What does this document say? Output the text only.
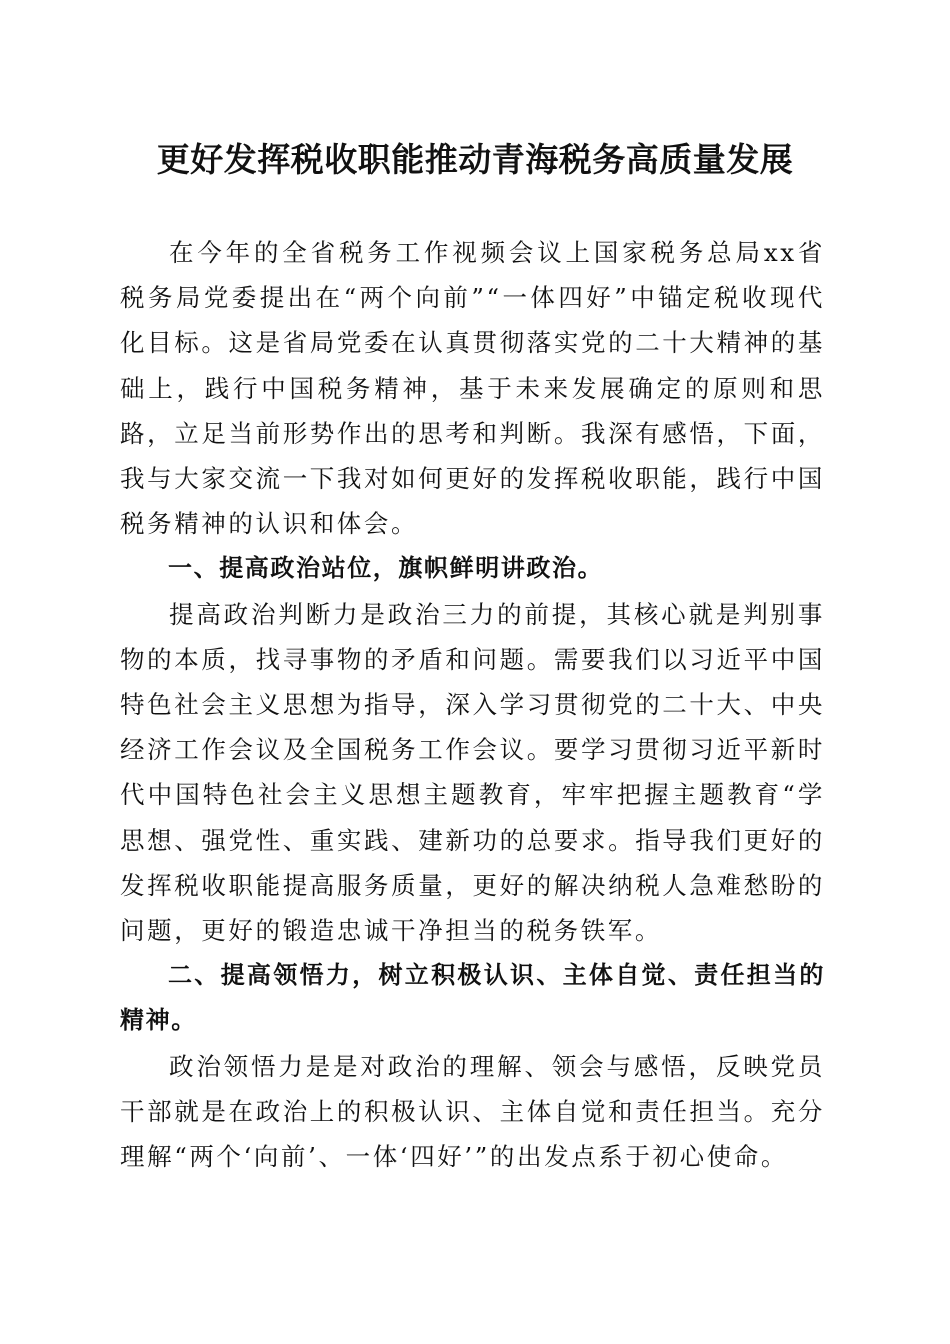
更好发挥税收职能推动青海税务高质量发展

在今年的全省税务工作视频会议上国家税务总局xx省税务局党委提出在“两个向前”“一体四好”中锚定税收现代化目标。这是省局党委在认真贯彻落实党的二十大精神的基础上，践行中国税务精神，基于未来发展确定的原则和思路，立足当前形势作出的思考和判断。我深有感悟，下面，我与大家交流一下我对如何更好的发挥税收职能，践行中国税务精神的认识和体会。

一、提高政治站位，旗帜鲜明讲政治。

提高政治判断力是政治三力的前提，其核心就是判别事物的本质，找寻事物的矛盾和问题。需要我们以习近平中国特色社会主义思想为指导，深入学习贯彻党的二十大、中央经济工作会议及全国税务工作会议。要学习贯彻习近平新时代中国特色社会主义思想主题教育，牢牢把握主题教育“学思想、强党性、重实践、建新功的总要求。指导我们更好的发挥税收职能提高服务质量，更好的解决纳税人急难愁盼的问题，更好的锻造忠诚干净担当的税务铁军。

二、提高领悟力，树立积极认识、主体自觉、责任担当的精神。

政治领悟力是是对政治的理解、领会与感悟，反映党员干部就是在政治上的积极认识、主体自觉和责任担当。充分理解“两个‘向前’、一体‘四好’”的出发点系于初心使命。
